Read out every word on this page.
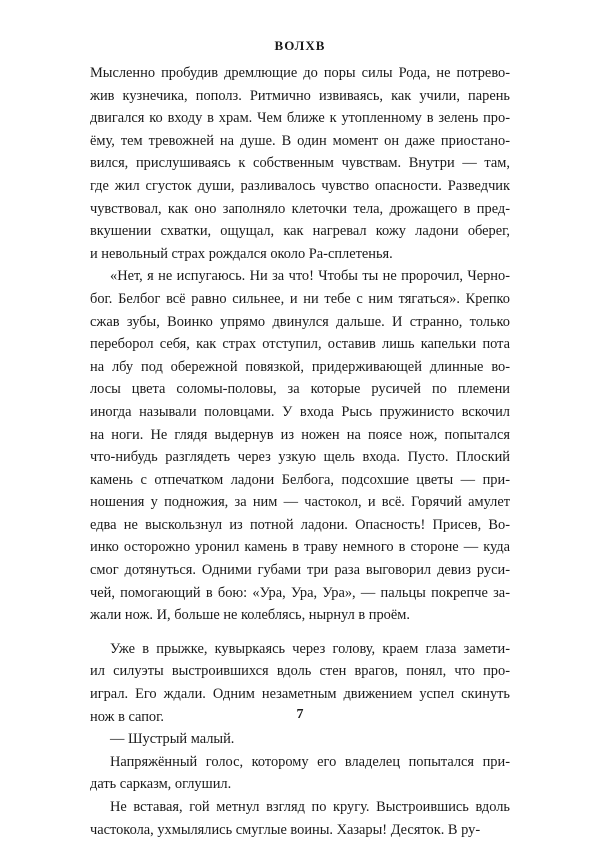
ВОЛХВ
Мысленно пробудив дремлющие до поры силы Рода, не потрево-
жив кузнечика, пополз. Ритмично извиваясь, как учили, парень
двигался ко входу в храм. Чем ближе к утопленному в зелень про-
ёму, тем тревожней на душе. В один момент он даже приостано-
вился, прислушиваясь к собственным чувствам. Внутри — там,
где жил сгусток души, разливалось чувство опасности. Разведчик
чувствовал, как оно заполняло клеточки тела, дрожащего в пред-
вкушении схватки, ощущал, как нагревал кожу ладони оберег,
и невольный страх рождался около Ра-сплетенья.
«Нет, я не испугаюсь. Ни за что! Чтобы ты не пророчил, Черно-
бог. Белбог всё равно сильнее, и ни тебе с ним тягаться». Крепко
сжав зубы, Воинко упрямо двинулся дальше. И странно, только
переборол себя, как страх отступил, оставив лишь капельки пота
на лбу под обережной повязкой, придерживающей длинные во-
лосы цвета соломы-половы, за которые русичей по племени
иногда называли половцами. У входа Рысь пружинисто вскочил
на ноги. Не глядя выдернув из ножен на поясе нож, попытался
что-нибудь разглядеть через узкую щель входа. Пусто. Плоский
камень с отпечатком ладони Белбога, подсохшие цветы — при-
ношения у подножия, за ним — частокол, и всё. Горячий амулет
едва не выскользнул из потной ладони. Опасность! Присев, Во-
инко осторожно уронил камень в траву немного в стороне — куда
смог дотянуться. Одними губами три раза выговорил девиз руси-
чей, помогающий в бою: «Ура, Ура, Ура», — пальцы покрепче за-
жали нож. И, больше не колеблясь, нырнул в проём.
Уже в прыжке, кувыркаясь через голову, краем глаза замети-
ил силуэты выстроившихся вдоль стен врагов, понял, что про-
играл. Его ждали. Одним незаметным движением успел скинуть
нож в сапог.
— Шустрый малый.
Напряжённый голос, которому его владелец попытался при-
дать сарказм, оглушил.
Не вставая, гой метнул взгляд по кругу. Выстроившись вдоль
частокола, ухмылялись смуглые воины. Хазары! Десяток. В ру-
7
